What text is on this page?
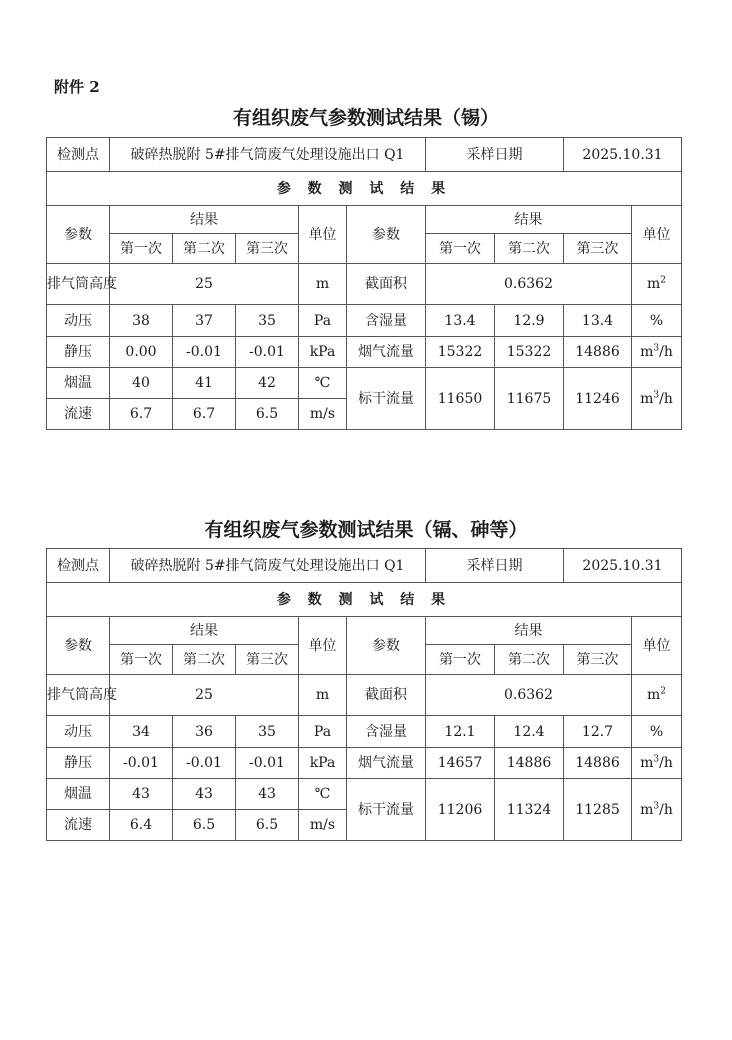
附件 2
有组织废气参数测试结果（锡）
检测点	破碎热脱附 5#排气筒废气处理设施出口 Q1					采样日期		2025.10.31	
参 数 测 试 结 果									
参数	结果			单位	参数	结果			单位
	第一次	第二次	第三次			第一次	第二次	第三次	
排气筒高度	25			m	截面积	0.6362			$m^2$
动压	38	37	35	Pa	含湿量	13.4	12.9	13.4	%
静压	0.00	-0.01	-0.01	kPa	烟气流量	15322	15322	14886	$m^3/h$
烟温	40	41	42	℃	标干流量	11650	11675	11246	$m^3/h$
流速	6.7	6.7	6.5	m/s					
有组织废气参数测试结果（镉、砷等）
检测点	破碎热脱附 5#排气筒废气处理设施出口 Q1					采样日期		2025.10.31	
参 数 测 试 结 果									
参数	结果			单位	参数	结果			单位
	第一次	第二次	第三次			第一次	第二次	第三次	
排气筒高度	25			m	截面积	0.6362			$m^2$
动压	34	36	35	Pa	含湿量	12.1	12.4	12.7	%
静压	-0.01	-0.01	-0.01	kPa	烟气流量	14657	14886	14886	$m^3/h$
烟温	43	43	43	℃	标干流量	11206	11324	11285	$m^3/h$
流速	6.4	6.5	6.5	m/s					
